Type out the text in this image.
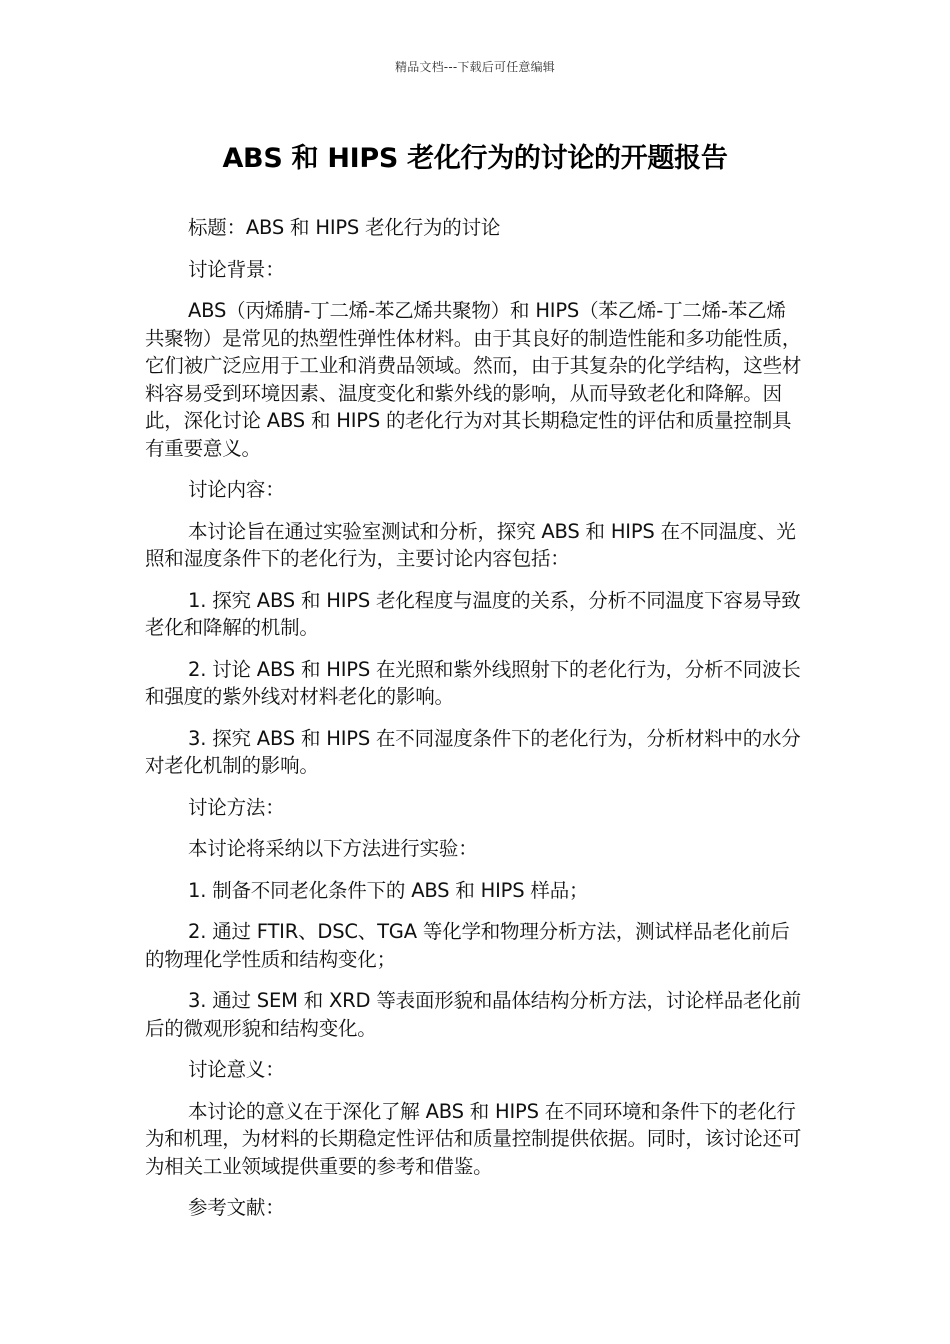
精品文档---下载后可任意编辑
ABS 和 HIPS 老化行为的讨论的开题报告

标题：ABS 和 HIPS 老化行为的讨论

讨论背景：

ABS（丙烯腈-丁二烯-苯乙烯共聚物）和 HIPS（苯乙烯-丁二烯-苯乙烯共聚物）是常见的热塑性弹性体材料。由于其良好的制造性能和多功能性质，它们被广泛应用于工业和消费品领域。然而，由于其复杂的化学结构，这些材料容易受到环境因素、温度变化和紫外线的影响，从而导致老化和降解。因此，深化讨论 ABS 和 HIPS 的老化行为对其长期稳定性的评估和质量控制具有重要意义。

讨论内容：

本讨论旨在通过实验室测试和分析，探究 ABS 和 HIPS 在不同温度、光照和湿度条件下的老化行为，主要讨论内容包括：

1. 探究 ABS 和 HIPS 老化程度与温度的关系，分析不同温度下容易导致老化和降解的机制。

2. 讨论 ABS 和 HIPS 在光照和紫外线照射下的老化行为，分析不同波长和强度的紫外线对材料老化的影响。

3. 探究 ABS 和 HIPS 在不同湿度条件下的老化行为，分析材料中的水分对老化机制的影响。

讨论方法：

本讨论将采纳以下方法进行实验：

1. 制备不同老化条件下的 ABS 和 HIPS 样品；

2. 通过 FTIR、DSC、TGA 等化学和物理分析方法，测试样品老化前后的物理化学性质和结构变化；

3. 通过 SEM 和 XRD 等表面形貌和晶体结构分析方法，讨论样品老化前后的微观形貌和结构变化。

讨论意义：

本讨论的意义在于深化了解 ABS 和 HIPS 在不同环境和条件下的老化行为和机理，为材料的长期稳定性评估和质量控制提供依据。同时，该讨论还可为相关工业领域提供重要的参考和借鉴。

参考文献：
